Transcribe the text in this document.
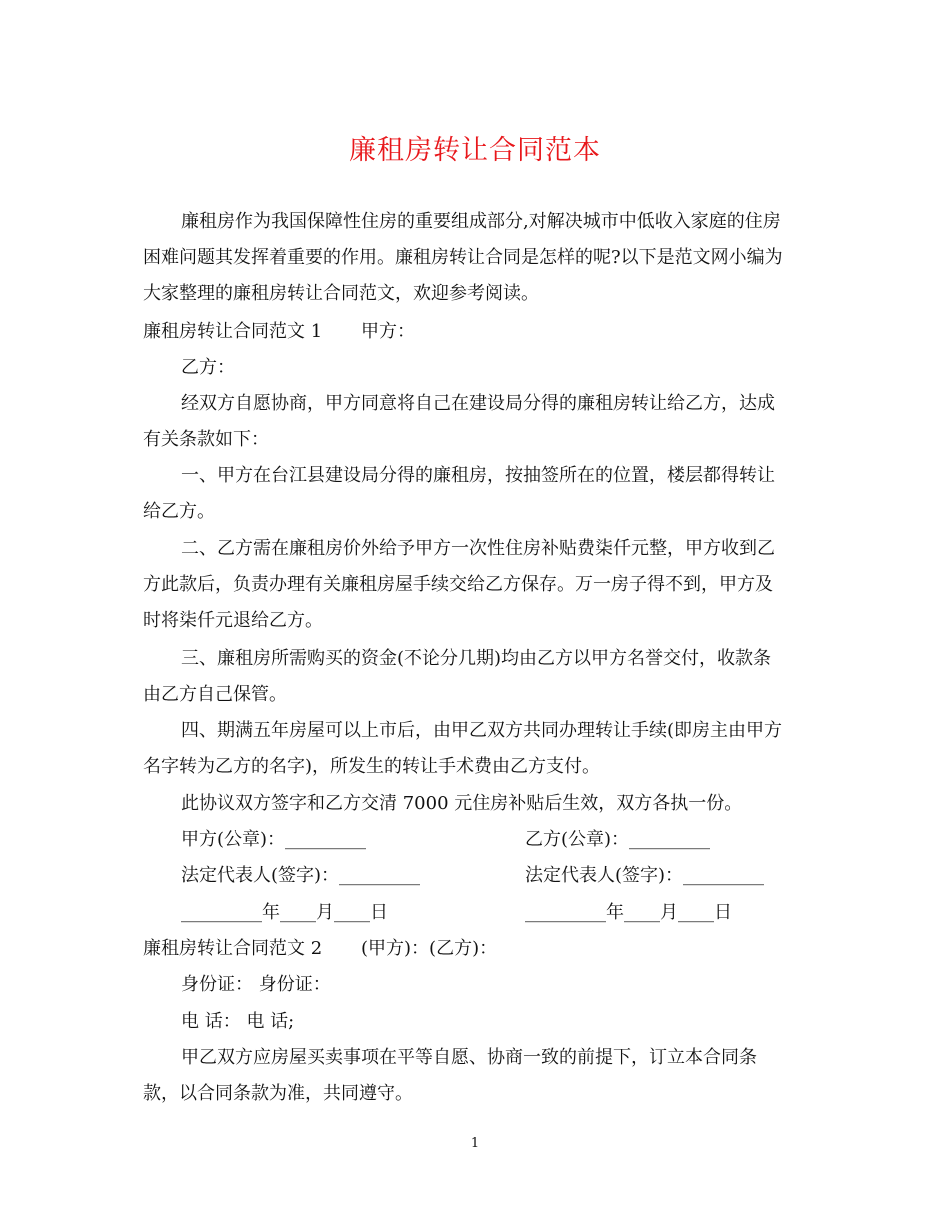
廉租房转让合同范本
廉租房作为我国保障性住房的重要组成部分,对解决城市中低收入家庭的住房
困难问题其发挥着重要的作用。廉租房转让合同是怎样的呢?以下是范文网小编为
大家整理的廉租房转让合同范文，欢迎参考阅读。
廉租房转让合同范文 1 甲方：
乙方：
经双方自愿协商，甲方同意将自己在建设局分得的廉租房转让给乙方，达成
有关条款如下：
一、甲方在台江县建设局分得的廉租房，按抽签所在的位置，楼层都得转让
给乙方。
二、乙方需在廉租房价外给予甲方一次性住房补贴费柒仟元整，甲方收到乙
方此款后，负责办理有关廉租房屋手续交给乙方保存。万一房子得不到，甲方及
时将柒仟元退给乙方。
三、廉租房所需购买的资金(不论分几期)均由乙方以甲方名誉交付，收款条
由乙方自己保管。
四、期满五年房屋可以上市后，由甲乙双方共同办理转让手续(即房主由甲方
名字转为乙方的名字)，所发生的转让手术费由乙方支付。
此协议双方签字和乙方交清 7000 元住房补贴后生效，双方各执一份。
甲方(公章)：_________	乙方(公章)：_________
法定代表人(签字)：_________	法定代表人(签字)：_________
_________年____月____日	_________年____月____日
廉租房转让合同范文 2 (甲方)：(乙方)：
身份证： 身份证：
电 话： 电 话;
甲乙双方应房屋买卖事项在平等自愿、协商一致的前提下，订立本合同条
款，以合同条款为准，共同遵守。
1
